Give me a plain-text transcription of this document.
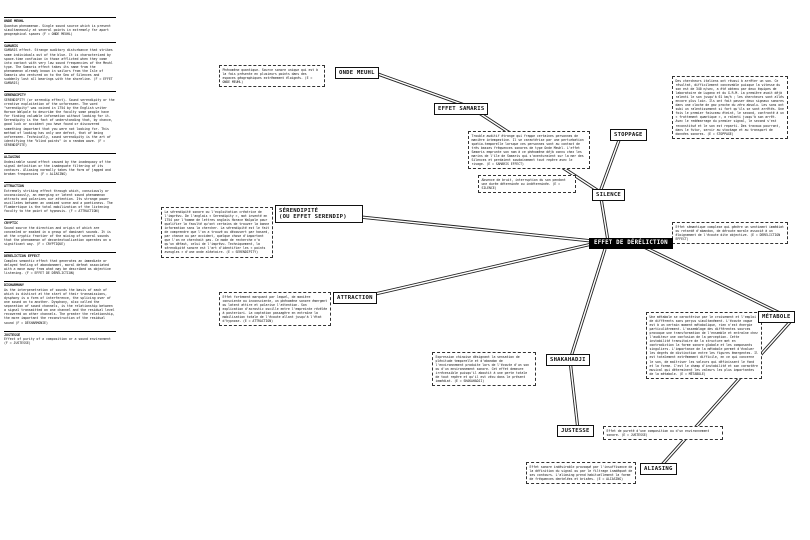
ONDE MEUHL
Quantum phenomenon. Single sound source which is present simultaneously at several points in extremely far apart geographical spaces (F = ONDE MEUHL)
SAMARIS
SAMARIS effect. Strange auditory disturbance that strikes some individuals out of the blue. It is characterized by space-time confusion in those afflicted when they come into contact with very low sound frequencies of the Meuhl type. The Samaris effect takes its name from the phenomenon already known in sailors from the Isle of Samaris who ventured on to the Sea of Silences and suddenly lost all bearings with the shoreline. (F = EFFET SAMARIS)
SERENDIPITY
SERENDIPITY (or serendip effect). Sound serendipity or the creative exploitation of the unforeseen. The word "serendipity" was coined in 1754 by the English writer Horace Walpole to describe the faculty some people have for finding valuable information without looking for it. Serendipity is the fact of understanding that, by chance, good luck or accident you have found or discovered something important that you were not looking for. This method of looking has only one defect, that of being unforeseen. Technically, sound serendipity is the art of identifying the "blind points" in a random wave. (F = SÉRENDIPITÉ)
ALIASING
Undesirable sound effect caused by the inadequacy of the signal definition or the inadequate filtering of its contours. Aliasing normally takes the form of jagged and broken frequencies (F = ALIASING)
ATTRACTION
Extremely striking effect through which, consciously or unconsciously, an emerging or latent sound phenomenon attracts and polarizes our attention. Its strange power oscillates between an unmixed scene and a poeticness. The Flambertique is the total mobilization of the listening faculty to the point of hypnosis. (F = ATTRACTION)
CRYPTIC
Sound source the direction and origin of which are concealed or masked in a group of dominant sounds. It is at the cryptic frontier of the mixing of several sounds that the phenomenon of decontextualization operates on a significant way. (F = CRYPTIQUE)
DERELICTION EFFECT
Complex semantic effect that generates an immediate or delayed feeling of abandonment, moral defeat associated with a move away from what may be described as objective listening. (F = EFFET DE DÉRÉLICTION)
DISHARMONY
As the interpenetration of sounds the basis of each of which is distinct at the start of their transmissions, dysphony is a form of interference, the splicing over of one sound on to another. Dysphony, also called the separation of sound channels, is the relationship between a signal transmitted on one channel and the residual level recovered on other channels. The greater the relationship, the more important the reconstruction of the residual sound (F = DÉSHARMONIE)
JUSTESSE
Effect of purity of a composition or a sound environment (F = JUSTESSE)
Phénomène quantique. Source sonore unique qui est à la fois présente en plusieurs points dans des espaces géographiques extrêmement éloignés. (E = ONDE MEUHL)
Trouble auditif étrange qui frappe certaines personnes de manière intempestive. Il se caractérise par une perturbation spatio-temporelle lorsque ces personnes sont au contact de très basses fréquences sonores de type Onde Meuhl. L'effet Samaris emprunte son nom à ce phénomène déjà connu chez les marins de l'île de Samaris qui s'aventuraient sur la mer des Silences et perdaient soudainement tout repère avec le rivage. (E = SAMARIS EFFECT)
Des chercheurs italiens ont réussi à arrêter un son. Ce résultat, difficilement concevable puisque la vitesse du son est de 340 m/sec, a été obtenu par deux équipes de laboratoire de Lugano et du G.R.M. La première avait déjà ralenti le son jusqu'à 61 km/h ; les chercheurs sont allés encore plus loin. Ils ont fait passer deux signaux sonores dans une cloche de gaz proche du zéro absolu. Les sons ont subi un ralentissement si fort qu'ils se sont arrêtés. Une fois le premier faisceau éteint, le second, confronté à un « frottement quantique », a ralenti jusqu'à son arrêt. Avec le redémarrage du premier signal, le second s'est reconstitué et le son est reparti. Des travaux pourront, dans le futur, servir au stockage et au transport de données sonores. (E = STOPPAGE)
Absence de bruit, interruption du son pendant une durée déterminée ou indéterminée. (E = SILENCE)
La sérendipité sonore ou l'exploitation créatrice de l'imprévu. De l'anglais « Serendipity », mot inventé en 1754 par l'homme de lettres anglais Horace Walpole pour qualifier la faculté qu'ont certains de trouver la bonne information sans la chercher. La sérendipité est le fait de comprendre que l'on a trouvé ou découvert par hasard, par chance ou par accident, quelque chose d'important que l'on ne cherchait pas. Ce mode de recherche n'a qu'un défaut, celui de l'imprévu. Techniquement, la sérendipité sonore est l'art d'identifier les « points aveugles » d'une onde aléatoire. (E = SERENDIPITY)
Effet sémantique complexe qui génère un sentiment immédiat ou retardé d'abandon, de déroute morale associé à un éloignement de l'écoute dite objective. (E = DERELICTION EFFECT)
Effet fortement marquant par lequel, de manière consciente ou inconsciente, un phénomène sonore émergent ou latent attire et polarise l'attention. Son explication d'acrostic oscille entre l'empreinte révélée à posteriori. La captation passagère en entraîne la mobilisation totale de l'écoute allant jusqu'à l'état d'hypnose. (E = ATTRACTION)
Une métabole se caractérise par le croisement et l'emploi de différents sons perçus simultanément. L'écoute vague est à un certain moment métabolique, rien n'est énergie particulièrement. L'assemblage des différentes sources provoque une transformation de l'ensemble et entraîne chez l'auditeur une confusion de la perception. Cette instabilité transitoire de la structure met en contradiction la forme sonore globale et les composants singuliers. L'importance de la métabole permet d'évaluer les degrés de distinction entre les figures émergentes. Il est totalement extrêmement difficile, en ce qui concerne le son, de maîtriser les valeurs qui définissent le fond et la forme. C'est le champ d'instabilité et son caractère musical qui déterminent les valeurs les plus importantes de la métabole. (E = MÉTABOLE)
Expression chinoise désignant la sensation de plénitude temporelle et d'abandon de l'environnement produite lors de l'écoute d'un son ou d'un environnement sonore. Cet effet demeure irrécessible puisqu'il aboutit à une perte totale de tout repère et qu'il est vécu dans le présent immédiat. (E = SHAKAHADJI)
Effet de pureté d'une composition ou d'un environnement sonore. (E = JUSTESSE)
Effet sonore indésirable provoqué par l'insuffisance de la définition du signal ou par le filtrage inadéquat de ses contours. L'aliasing prend habituellement la forme de fréquences dentelées et brisées. (E = ALIASING)
ONDE MEUHL
EFFET SAMARIS
STOPPAGE
SILENCE
SÉRENDIPITÉ
(OU EFFET SERENDIP)
EFFET DE DÉRÉLICTION
ATTRACTION
MÉTABOLE
SHAKAHADJI
JUSTESSE
ALIASING
